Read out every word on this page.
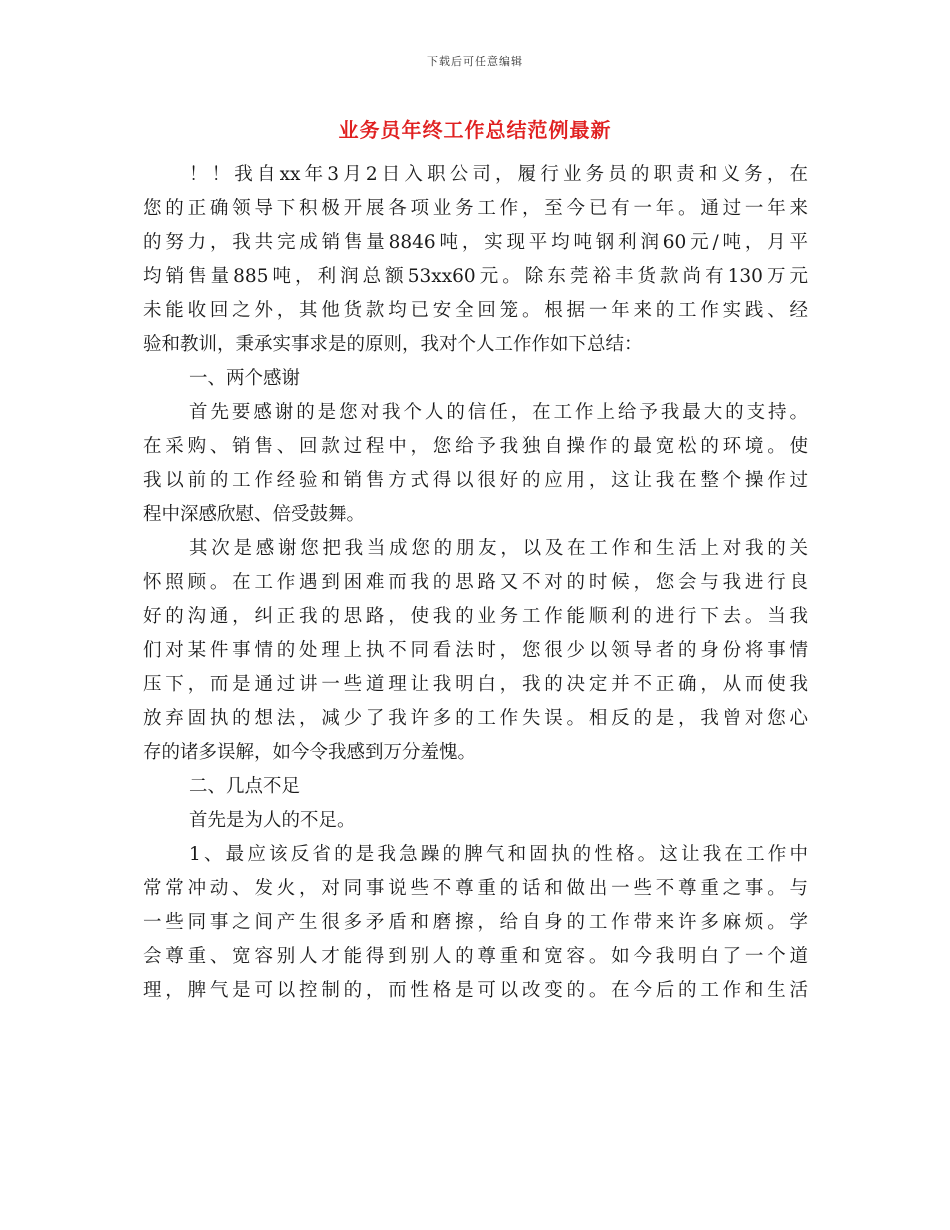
下载后可任意编辑
业务员年终工作总结范例最新
！！我自xx年3月2日入职公司，履行业务员的职责和义务，在
您的正确领导下积极开展各项业务工作，至今已有一年。通过一年来
的努力，我共完成销售量8846吨，实现平均吨钢利润60元/吨，月平
均销售量885吨，利润总额53xx60元。除东莞裕丰货款尚有130万元
未能收回之外，其他货款均已安全回笼。根据一年来的工作实践、经
验和教训，秉承实事求是的原则，我对个人工作作如下总结：
一、两个感谢
首先要感谢的是您对我个人的信任，在工作上给予我最大的支持。
在采购、销售、回款过程中，您给予我独自操作的最宽松的环境。使
我以前的工作经验和销售方式得以很好的应用，这让我在整个操作过
程中深感欣慰、倍受鼓舞。
其次是感谢您把我当成您的朋友，以及在工作和生活上对我的关
怀照顾。在工作遇到困难而我的思路又不对的时候，您会与我进行良
好的沟通，纠正我的思路，使我的业务工作能顺利的进行下去。当我
们对某件事情的处理上执不同看法时，您很少以领导者的身份将事情
压下，而是通过讲一些道理让我明白，我的决定并不正确，从而使我
放弃固执的想法，减少了我许多的工作失误。相反的是，我曾对您心
存的诸多误解，如今令我感到万分羞愧。
二、几点不足
首先是为人的不足。
1、最应该反省的是我急躁的脾气和固执的性格。这让我在工作中
常常冲动、发火，对同事说些不尊重的话和做出一些不尊重之事。与
一些同事之间产生很多矛盾和磨擦，给自身的工作带来许多麻烦。学
会尊重、宽容别人才能得到别人的尊重和宽容。如今我明白了一个道
理，脾气是可以控制的，而性格是可以改变的。在今后的工作和生活
